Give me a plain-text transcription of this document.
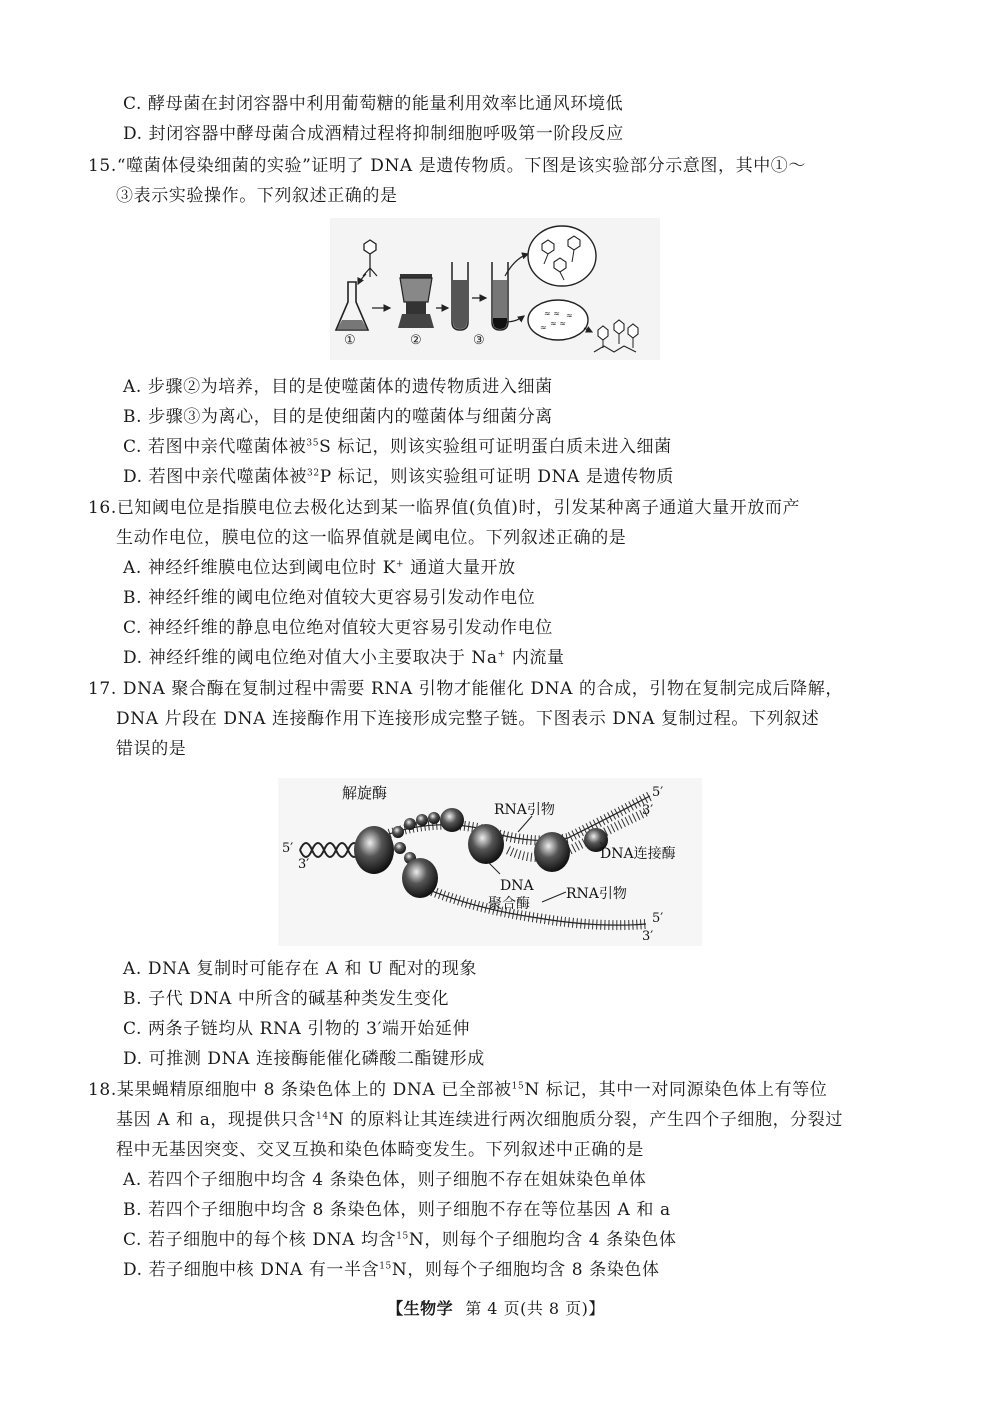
C. 酵母菌在封闭容器中利用葡萄糖的能量利用效率比通风环境低
D. 封闭容器中酵母菌合成酒精过程将抑制细胞呼吸第一阶段反应
15.“噬菌体侵染细菌的实验”证明了 DNA 是遗传物质。下图是该实验部分示意图，其中①～
③表示实验操作。下列叙述正确的是
≈ ≈
≈ ≈
≈
≈
①	②	③
A. 步骤②为培养，目的是使噬菌体的遗传物质进入细菌
B. 步骤③为离心，目的是使细菌内的噬菌体与细菌分离
C. 若图中亲代噬菌体被$^{35}$S 标记，则该实验组可证明蛋白质未进入细菌
D. 若图中亲代噬菌体被$^{32}$P 标记，则该实验组可证明 DNA 是遗传物质
16.已知阈电位是指膜电位去极化达到某一临界值(负值)时，引发某种离子通道大量开放而产
生动作电位，膜电位的这一临界值就是阈电位。下列叙述正确的是
A. 神经纤维膜电位达到阈电位时 K+ 通道大量开放
B. 神经纤维的阈电位绝对值较大更容易引发动作电位
C. 神经纤维的静息电位绝对值较大更容易引发动作电位
D. 神经纤维的阈电位绝对值大小主要取决于 Na+ 内流量
17. DNA 聚合酶在复制过程中需要 RNA 引物才能催化 DNA 的合成，引物在复制完成后降解，
DNA 片段在 DNA 连接酶作用下连接形成完整子链。下图表示 DNA 复制过程。下列叙述
错误的是
解旋酶
RNA引物
DNA连接酶
DNA
聚合酶
RNA引物
5′
3′
5′
3′
5′
3′
A. DNA 复制时可能存在 A 和 U 配对的现象
B. 子代 DNA 中所含的碱基种类发生变化
C. 两条子链均从 RNA 引物的 3′端开始延伸
D. 可推测 DNA 连接酶能催化磷酸二酯键形成
18.某果蝇精原细胞中 8 条染色体上的 DNA 已全部被$^{15}$N 标记，其中一对同源染色体上有等位
基因 A 和 a，现提供只含$^{14}$N 的原料让其连续进行两次细胞质分裂，产生四个子细胞，分裂过
程中无基因突变、交叉互换和染色体畸变发生。下列叙述中正确的是
A. 若四个子细胞中均含 4 条染色体，则子细胞不存在姐妹染色单体
B. 若四个子细胞中均含 8 条染色体，则子细胞不存在等位基因 A 和 a
C. 若子细胞中的每个核 DNA 均含$^{15}$N，则每个子细胞均含 4 条染色体
D. 若子细胞中核 DNA 有一半含$^{15}$N，则每个子细胞均含 8 条染色体
【生物学 第 4 页(共 8 页)】
